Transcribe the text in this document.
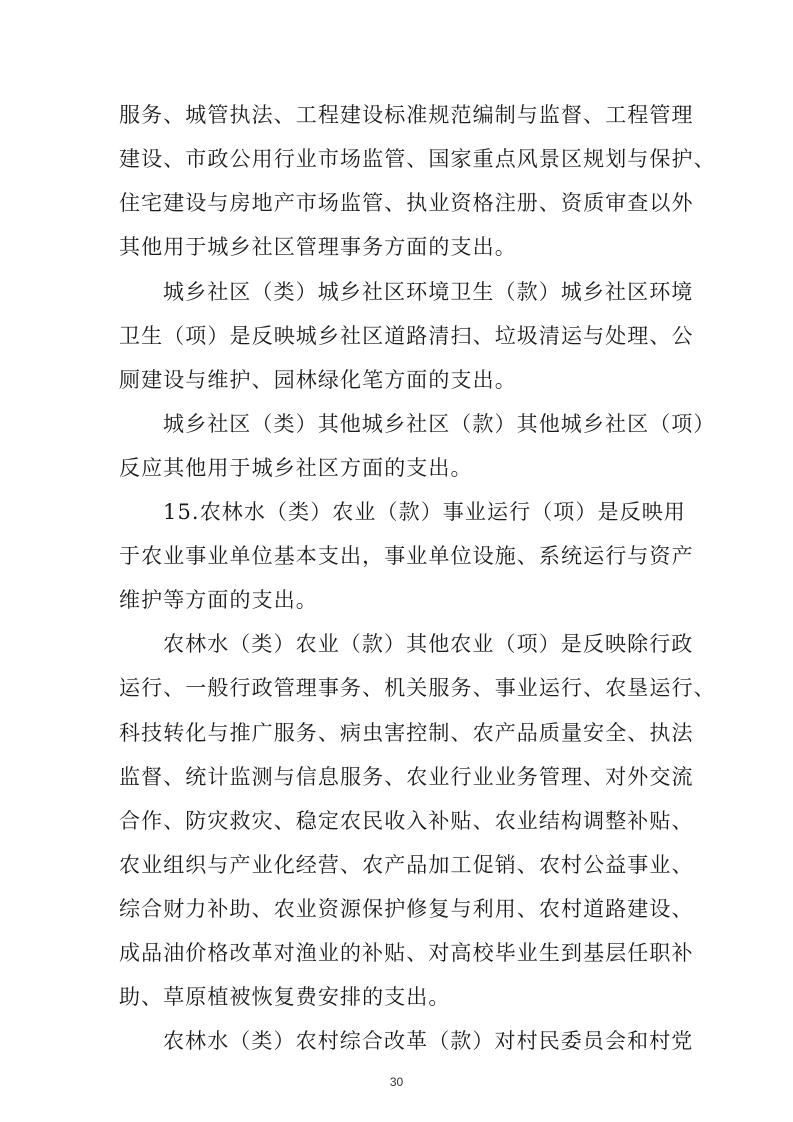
服务、城管执法、工程建设标准规范编制与监督、工程管理
建设、市政公用行业市场监管、国家重点风景区规划与保护、
住宅建设与房地产市场监管、执业资格注册、资质审查以外
其他用于城乡社区管理事务方面的支出。
城乡社区（类）城乡社区环境卫生（款）城乡社区环境
卫生（项）是反映城乡社区道路清扫、垃圾清运与处理、公
厕建设与维护、园林绿化笔方面的支出。
城乡社区（类）其他城乡社区（款）其他城乡社区（项）
反应其他用于城乡社区方面的支出。
15.农林水（类）农业（款）事业运行（项）是反映用
于农业事业单位基本支出，事业单位设施、系统运行与资产
维护等方面的支出。
农林水（类）农业（款）其他农业（项）是反映除行政
运行、一般行政管理事务、机关服务、事业运行、农垦运行、
科技转化与推广服务、病虫害控制、农产品质量安全、执法
监督、统计监测与信息服务、农业行业业务管理、对外交流
合作、防灾救灾、稳定农民收入补贴、农业结构调整补贴、
农业组织与产业化经营、农产品加工促销、农村公益事业、
综合财力补助、农业资源保护修复与利用、农村道路建设、
成品油价格改革对渔业的补贴、对高校毕业生到基层任职补
助、草原植被恢复费安排的支出。
农林水（类）农村综合改革（款）对村民委员会和村党
30
